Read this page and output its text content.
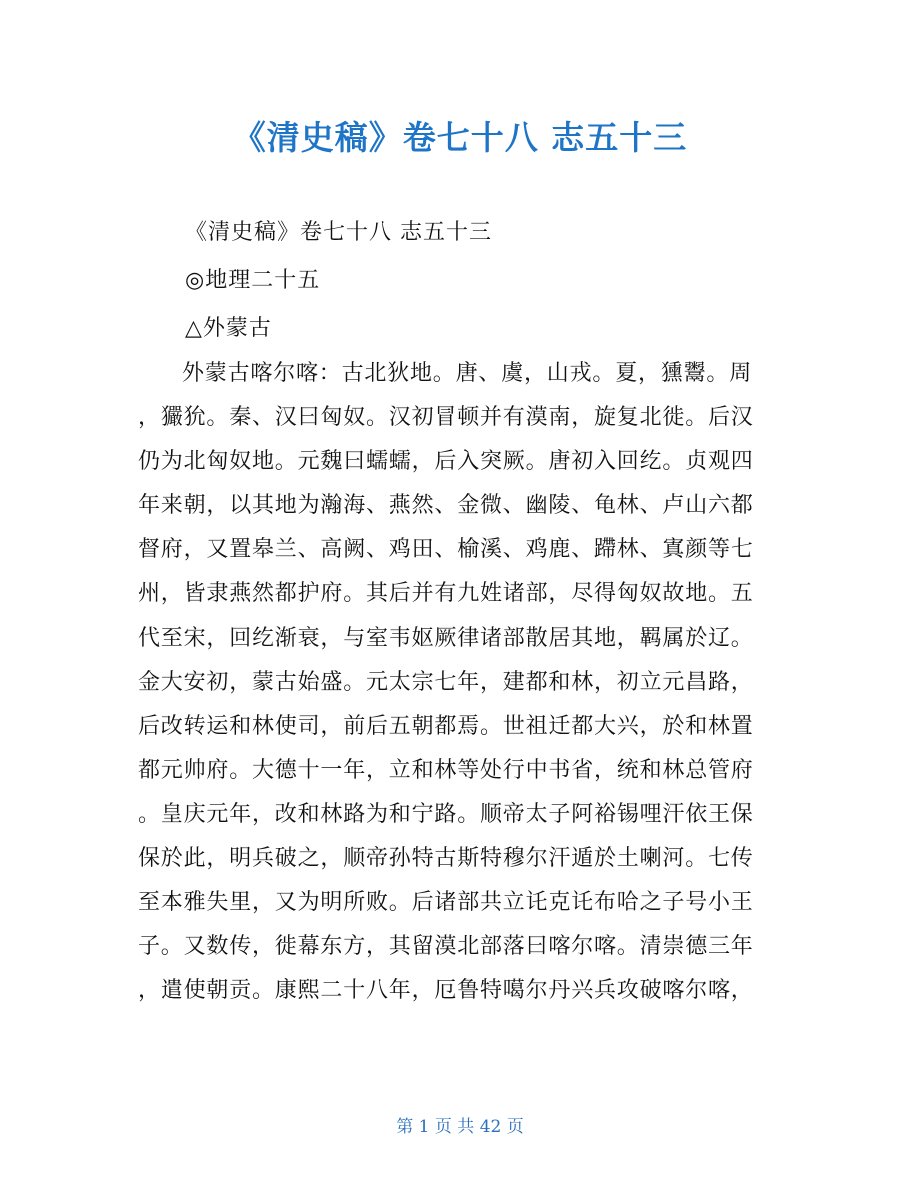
《清史稿》卷七十八 志五十三
《清史稿》卷七十八 志五十三
◎地理二十五
△外蒙古
外蒙古喀尔喀：古北狄地。唐、虞，山戎。夏，獯鬻。周
，玁狁。秦、汉曰匈奴。汉初冒顿并有漠南，旋复北徙。后汉
仍为北匈奴地。元魏曰蠕蠕，后入突厥。唐初入回纥。贞观四
年来朝，以其地为瀚海、燕然、金微、幽陵、龟林、卢山六都
督府，又置皋兰、高阙、鸡田、榆溪、鸡鹿、蹛林、寘颜等七
州，皆隶燕然都护府。其后并有九姓诸部，尽得匈奴故地。五
代至宋，回纥渐衰，与室韦妪厥律诸部散居其地，羁属於辽。
金大安初，蒙古始盛。元太宗七年，建都和林，初立元昌路，
后改转运和林使司，前后五朝都焉。世祖迁都大兴，於和林置
都元帅府。大德十一年，立和林等处行中书省，统和林总管府
。皇庆元年，改和林路为和宁路。顺帝太子阿裕锡哩汗依王保
保於此，明兵破之，顺帝孙特古斯特穆尔汗遁於土喇河。七传
至本雅失里，又为明所败。后诸部共立讬克讬布哈之子号小王
子。又数传，徙幕东方，其留漠北部落曰喀尔喀。清崇德三年
，遣使朝贡。康熙二十八年，厄鲁特噶尔丹兴兵攻破喀尔喀，
第 1 页 共 42 页
